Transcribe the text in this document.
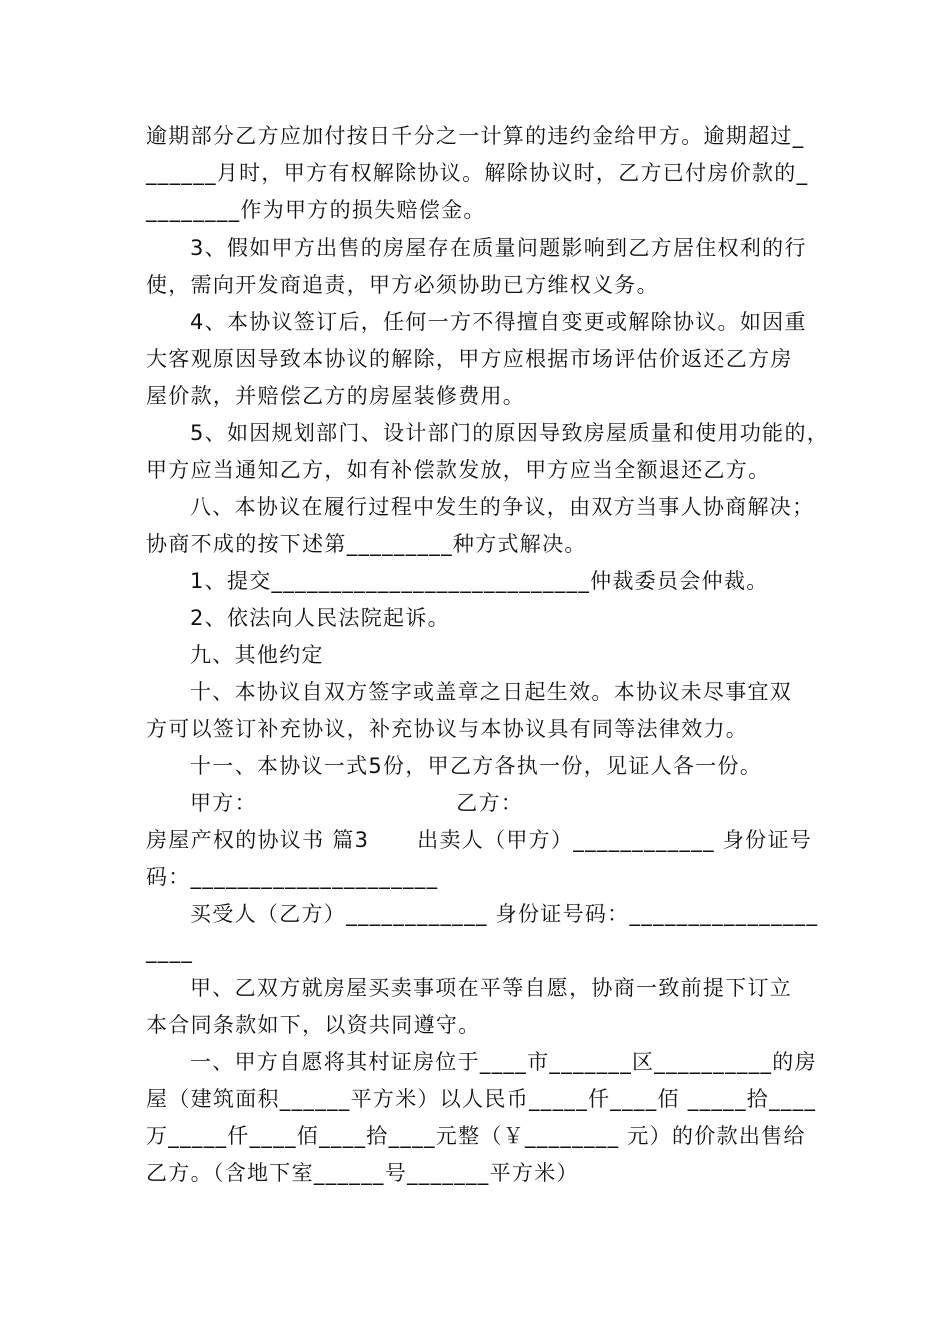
逾期部分乙方应加付按日千分之一计算的违约金给甲方。逾期超过_
______月时，甲方有权解除协议。解除协议时，乙方已付房价款的_
________作为甲方的损失赔偿金。
3、假如甲方出售的房屋存在质量问题影响到乙方居住权利的行
使，需向开发商追责，甲方必须协助已方维权义务。
4、本协议签订后，任何一方不得擅自变更或解除协议。如因重
大客观原因导致本协议的解除，甲方应根据市场评估价返还乙方房
屋价款，并赔偿乙方的房屋装修费用。
5、如因规划部门、设计部门的原因导致房屋质量和使用功能的，
甲方应当通知乙方，如有补偿款发放，甲方应当全额退还乙方。
八、本协议在履行过程中发生的争议，由双方当事人协商解决；
协商不成的按下述第_________种方式解决。
1、提交___________________________仲裁委员会仲裁。
2、依法向人民法院起诉。
九、其他约定
十、本协议自双方签字或盖章之日起生效。本协议未尽事宜双
方可以签订补充协议，补充协议与本协议具有同等法律效力。
十一、本协议一式5份，甲乙方各执一份，见证人各一份。
甲方：                         乙方：
房屋产权的协议书 篇3      出卖人（甲方）____________ 身份证号
码：_____________________
买受人（乙方）____________ 身份证号码：________________
____
甲、乙双方就房屋买卖事项在平等自愿，协商一致前提下订立
本合同条款如下，以资共同遵守。
一、甲方自愿将其村证房位于____市_______区__________的房
屋（建筑面积______平方米）以人民币_____仟____佰 _____拾____
万_____仟____佰____拾____元整（￥________ 元）的价款出售给
乙方。（含地下室______号_______平方米）
